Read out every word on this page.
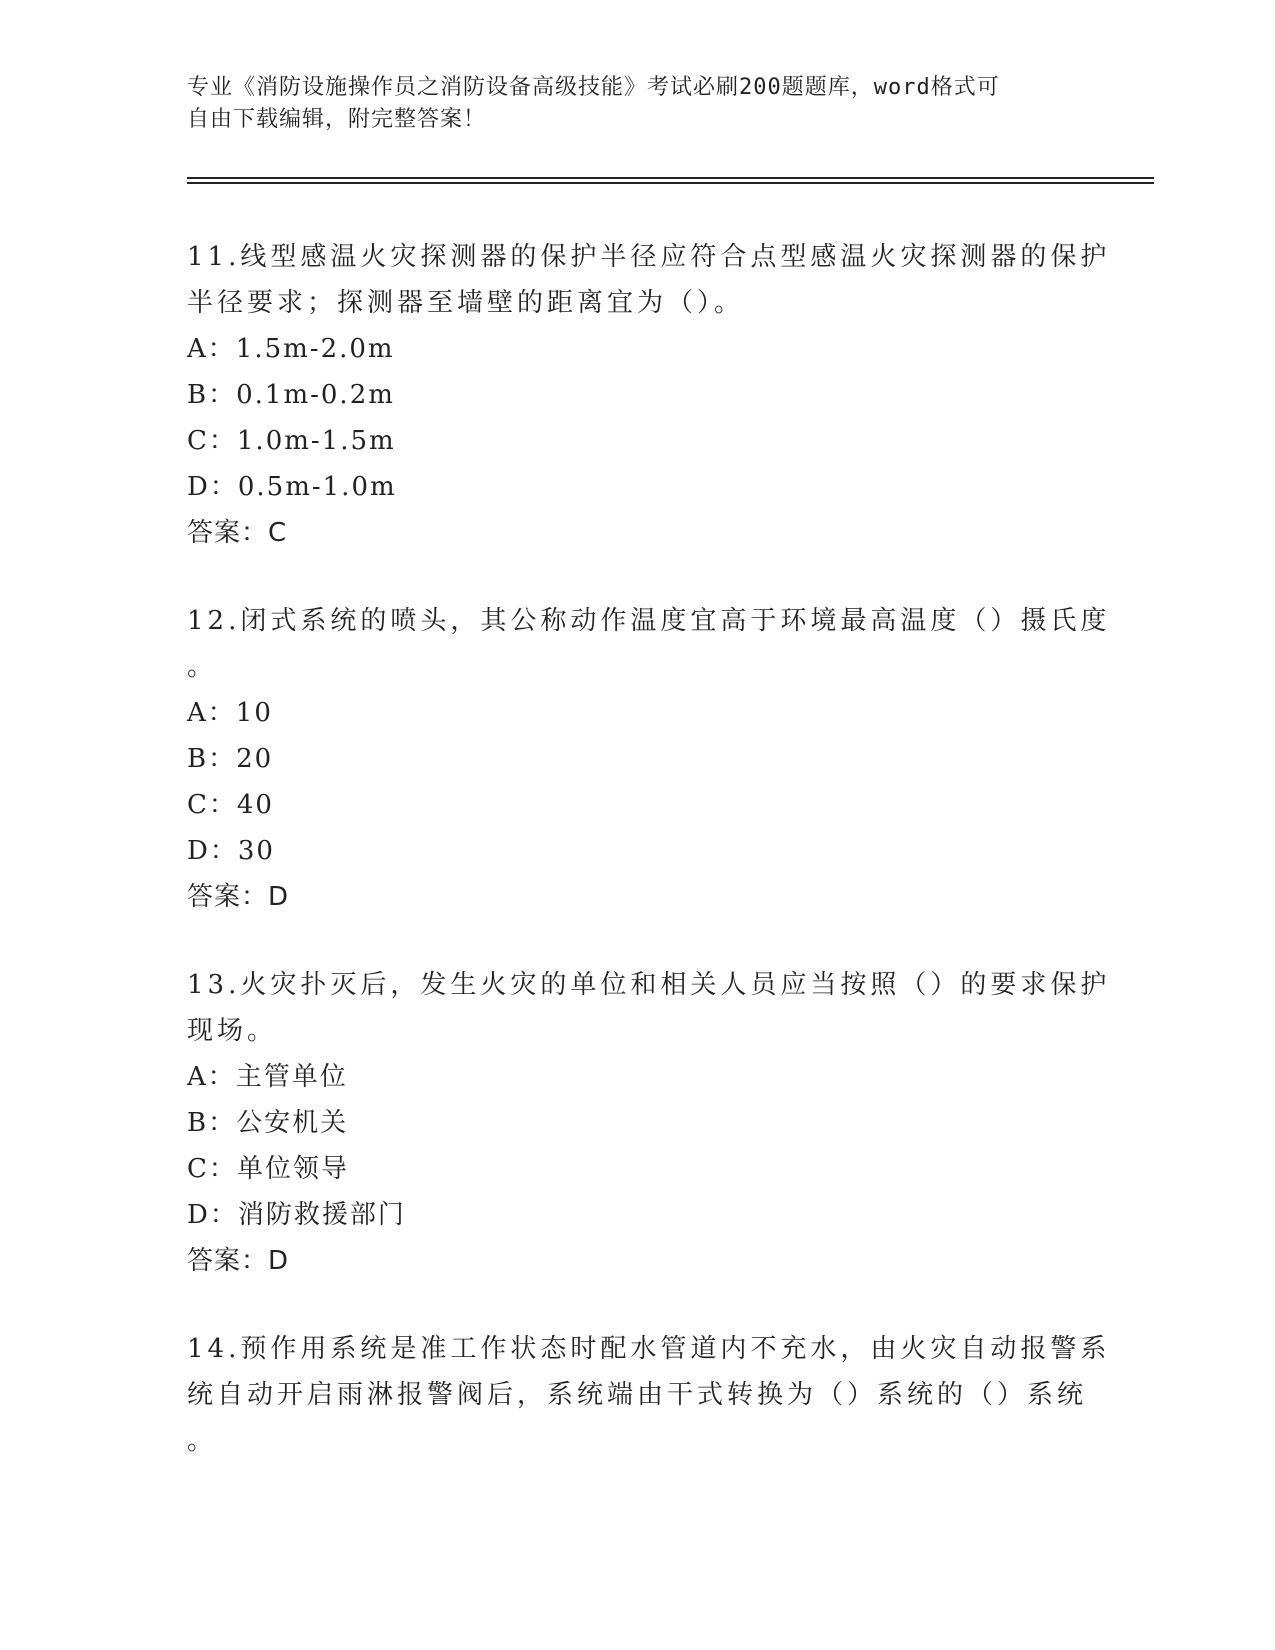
专业《消防设施操作员之消防设备高级技能》考试必刷200题题库，word格式可
自由下载编辑，附完整答案！
11.线型感温火灾探测器的保护半径应符合点型感温火灾探测器的保护
半径要求；探测器至墙壁的距离宜为（）。
A：1.5m-2.0m
B：0.1m-0.2m
C：1.0m-1.5m
D：0.5m-1.0m
答案：C
12.闭式系统的喷头，其公称动作温度宜高于环境最高温度（）摄氏度
。
A：10
B：20
C：40
D：30
答案：D
13.火灾扑灭后，发生火灾的单位和相关人员应当按照（）的要求保护
现场。
A：主管单位
B：公安机关
C：单位领导
D：消防救援部门
答案：D
14.预作用系统是准工作状态时配水管道内不充水，由火灾自动报警系
统自动开启雨淋报警阀后，系统端由干式转换为（）系统的（）系统
。
